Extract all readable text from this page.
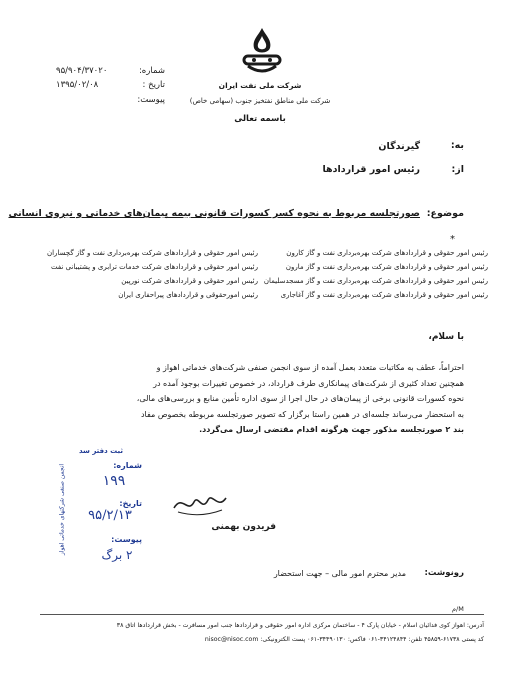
شرکت ملی نفت ایران
شرکت ملی مناطق نفتخیز جنوب (سهامی خاص)
باسمه تعالی
شماره:
۹۵/۹۰۴/۳۷۰۲۰
تاریخ :
۱۳۹۵/۰۲/۰۸
پیوست:
به:
گیرندگان
از:
رئیس امور قراردادها
موضوع:
صورتجلسه مربوط به نحوه کسر کسورات قانونی بیمه پیمان‌های خدماتی و نیروی انسانی
*
رئیس امور حقوقی و قراردادهای شرکت بهره‌برداری نفت و گاز کارون
رئیس امور حقوقی و قراردادهای شرکت بهره‌برداری نفت و گاز مارون
رئیس امور حقوقی و قراردادهای شرکت بهره‌برداری نفت و گاز مسجدسلیمان
رئیس امور حقوقی و قراردادهای شرکت بهره‌برداری نفت و گاز آغاجاری
رئیس امور حقوقی و قراردادهای شرکت بهره‌برداری نفت و گاز گچساران
رئیس امور حقوقی و قراردادهای شرکت خدمات ترابری و پشتیبانی نفت
رئیس امور حقوقی و قراردادهای شرکت نورپین
رئیس امورحقوقی و قراردادهای پیراحفاری ایران
با سلام،
احتراماً، عطف به مکاتبات متعدد بعمل آمده از سوی انجمن صنفی شرکت‌های خدماتی اهواز و
همچنین تعداد کثیری از شرکت‌های پیمانکاری طرف قرارداد، در خصوص تغییرات بوجود آمده در
نحوه کسورات قانونی برخی از پیمان‌های در حال اجرا از سوی اداره تأمین منابع و بررسی‌های مالی،
به استحضار می‌رساند جلسه‌ای در همین راستا برگزار که تصویر صورتجلسه مربوطه بخصوص مفاد
بند ۲ صورتجلسه مذکور جهت هرگونه اقدام مقتضی ارسال می‌گردد.
فریدون بهمنی
ثبت دفتر سد
انجمن صنفی شرکتهای خدماتی اهواز	شماره:
۱۹۹
تاریخ:
۹۵/۲/۱۳
پیوست:
۲ برگ
رونوشت:
مدیر محترم امور مالی – جهت استحضار
م/M
آدرس: اهواز کوی فدائیان اسلام - خیابان پارک ۴ - ساختمان مرکزی اداره امور حقوقی و قراردادها جنب امور مسافرت - بخش قراردادها اتاق ۳۸
کد پستی ۶۱۷۳۸-۴۵۸۵۹ تلفن: ۳۴۱۲۴۸۴۴-۰۶۱ فاکس: ۳۴۴۹۰۱۳۰-۰۶۱ پست الکترونیکی: nisoc@nisoc.com
